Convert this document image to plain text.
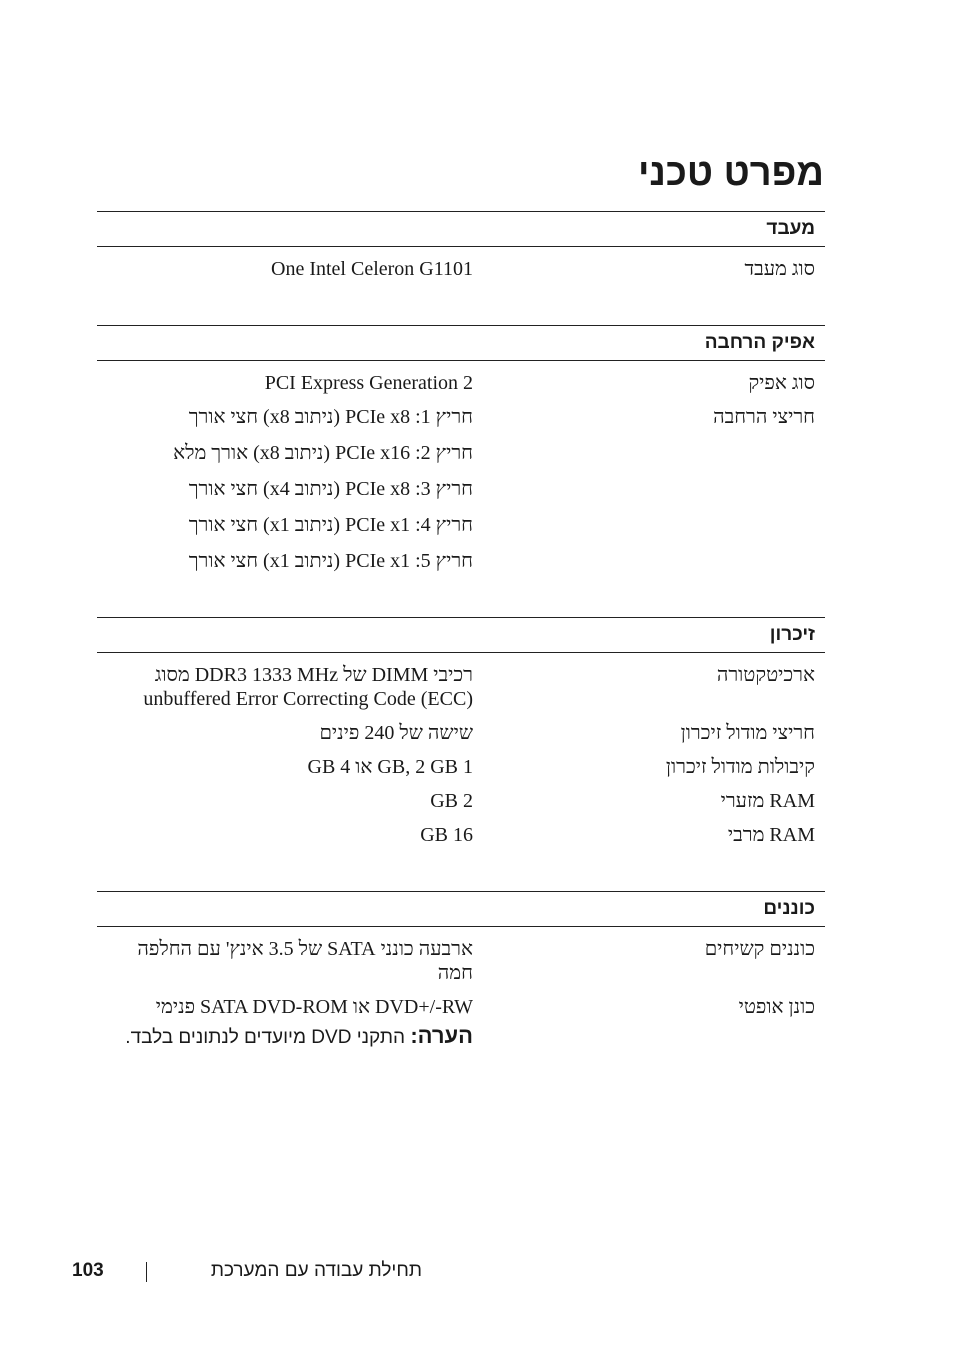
מפרט טכני
מעבד
סוג מעבד
One Intel Celeron G1101
אפיק הרחבה
סוג אפיק
PCI Express Generation 2
חריצי הרחבה
חריץ 1: PCIe x8 (ניתוב x8) חצי אורך
חריץ 2: PCIe x16 (ניתוב x8) אורך מלא
חריץ 3: PCIe x8 (ניתוב x4) חצי אורך
חריץ 4: PCIe x1 (ניתוב x1) חצי אורך
חריץ 5: PCIe x1 (ניתוב x1) חצי אורך
זיכרון
ארכיטקטורה
רכיבי DIMM של DDR3 1333 MHz מסוג
(ECC) unbuffered Error Correcting Code
חריצי מודול זיכרון
שישה של 240 פינים
קיבולות מודול זיכרון
1 GB, 2 GB או 4 GB
RAM מזערי
2 GB
RAM מרבי
16 GB
כוננים
כוננים קשיחים
ארבעה כונני SATA של 3.5 אינץ' עם החלפה
חמה
כונן אופטי
DVD+/-RW או SATA DVD-ROM פנימי
הערה: התקני DVD מיועדים לנתונים בלבד.
103	תחילת עבודה עם המערכת
